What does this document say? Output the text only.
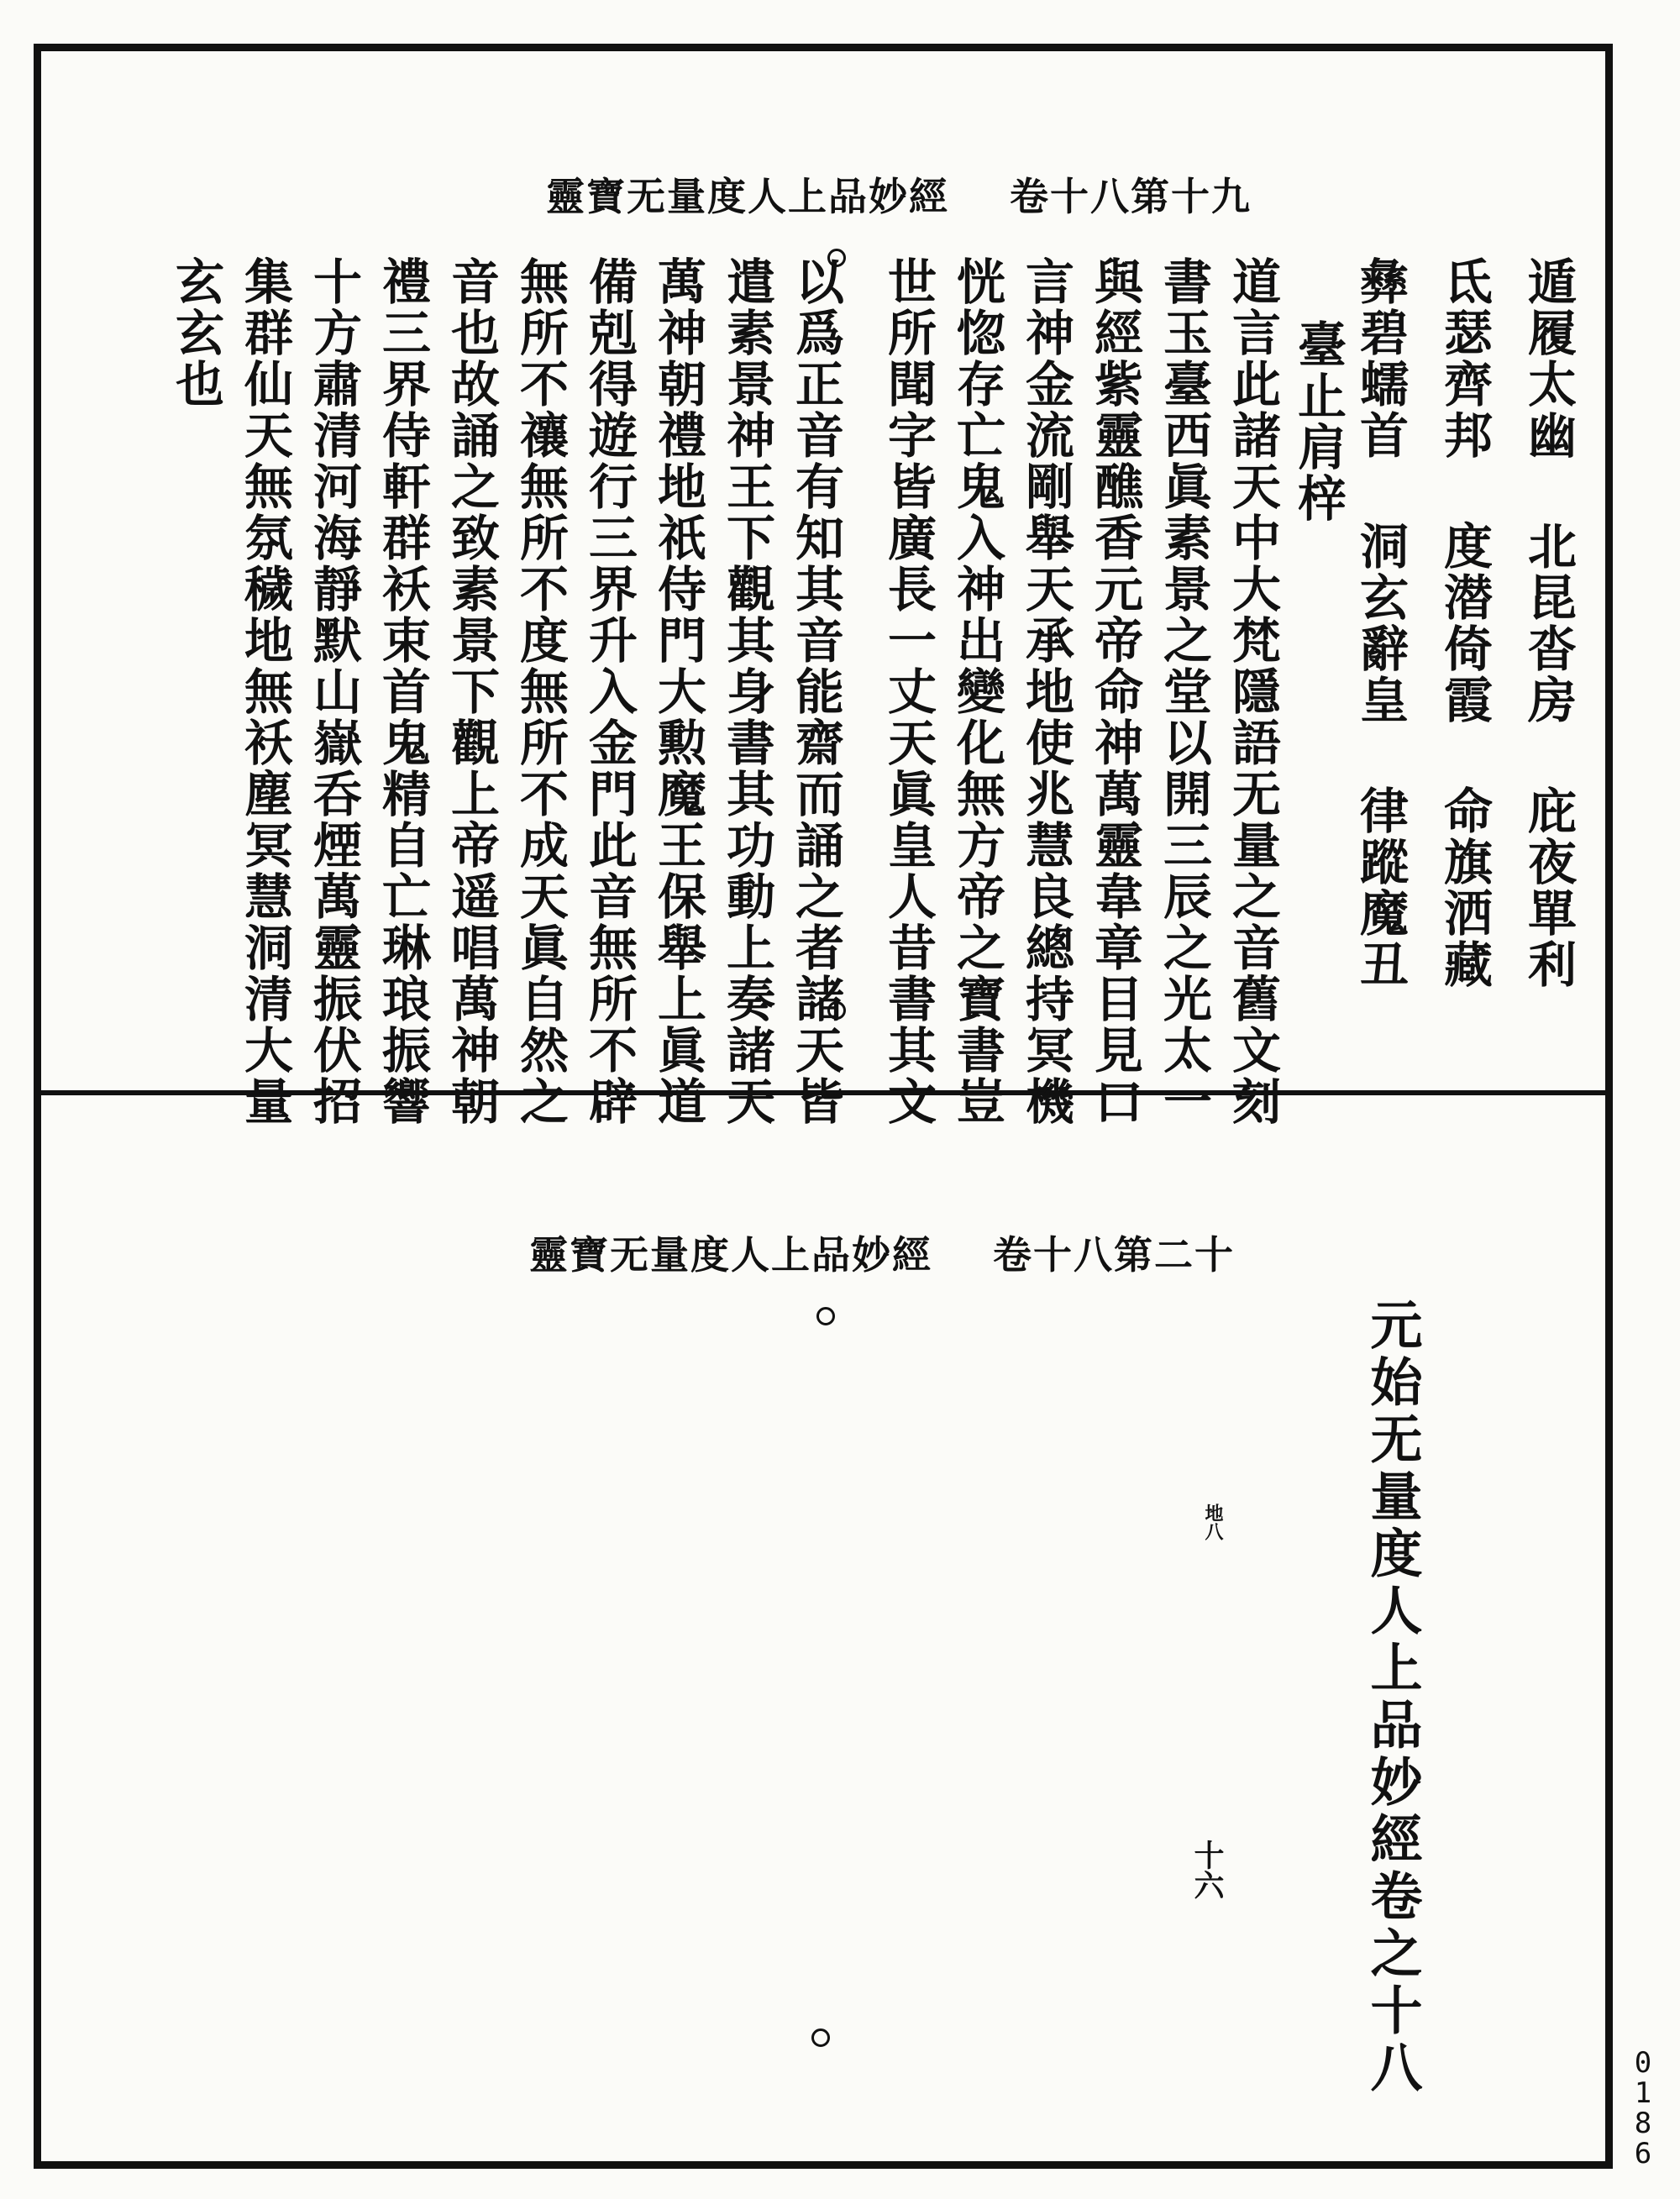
靈寶无量度人上品妙經    卷十八第十九
遁履太幽 北昆沓房 庇夜單利
氐瑟齊邦 度潜倚霞 命旗洒藏
彝碧蠕首 洞玄辭皇 律蹤魔丑
臺止肩梓
道言此諸天中大梵隱語无量之音舊文刻
書玉臺西眞素景之堂以開三辰之光太一
與經紫靈醮香元帝命神萬靈韋章目見口
言神金流剛舉天承地使兆慧良總持冥機
恍惚存亡鬼入神出變化無方帝之寶書豈
世所聞字皆廣長一丈天眞皇人昔書其文
以爲正音有知其音能齋而誦之者諸天皆
遣素景神王下觀其身書其功動上奏諸天
萬神朝禮地祇侍門大勲魔王保舉上眞道
備剋得遊行三界升入金門此音無所不辟
無所不禳無所不度無所不成天眞自然之
音也故誦之致素景下觀上帝遥唱萬神朝
禮三界侍軒群袄束首鬼精自亡琳琅振響
十方肅清河海靜默山嶽呑煙萬靈振伏招
集群仙天無氛穢地無袄塵冥慧洞清大量
玄玄也
靈寶无量度人上品妙經    卷十八第二十
元始无量度人上品妙經卷之十八
地八
十六
0186
